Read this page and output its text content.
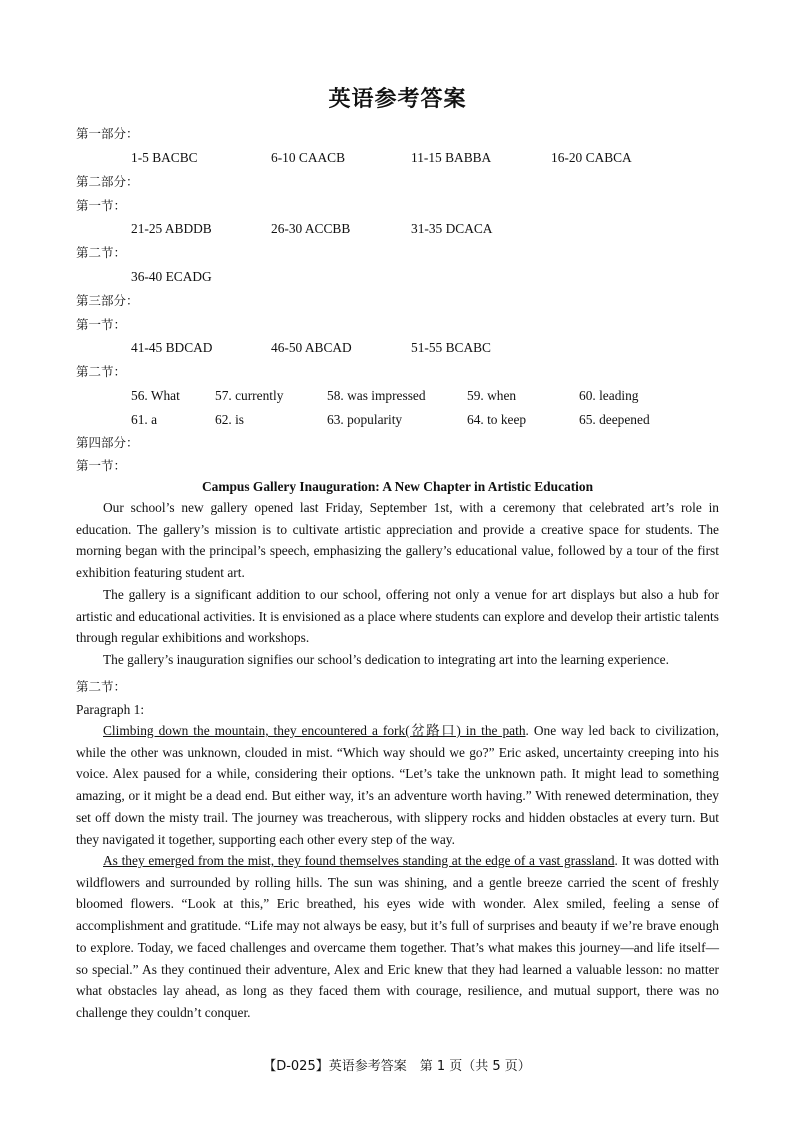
英语参考答案
第一部分：
1-5 BACBC	6-10 CAACB	11-15 BABBA	16-20 CABCA
第二部分：
第一节：
21-25 ABDDB	26-30 ACCBB	31-35 DCACA
第二节：
36-40 ECADG
第三部分：
第一节：
41-45 BDCAD	46-50 ABCAD	51-55 BCABC
第二节：
56. What	57. currently	58. was impressed	59. when	60. leading
61. a	62. is	63. popularity	64. to keep	65. deepened
第四部分：
第一节：
Campus Gallery Inauguration: A New Chapter in Artistic Education

Our school’s new gallery opened last Friday, September 1st, with a ceremony that celebrated art’s role in education. The gallery’s mission is to cultivate artistic appreciation and provide a creative space for students. The morning began with the principal’s speech, emphasizing the gallery’s educational value, followed by a tour of the first exhibition featuring student art.

The gallery is a significant addition to our school, offering not only a venue for art displays but also a hub for artistic and educational activities. It is envisioned as a place where students can explore and develop their artistic talents through regular exhibitions and workshops.

The gallery’s inauguration signifies our school’s dedication to integrating art into the learning experience.

第二节：
Paragraph 1:

Climbing down the mountain, they encountered a fork(岔路口) in the path. One way led back to civilization, while the other was unknown, clouded in mist. “Which way should we go?” Eric asked, uncertainty creeping into his voice. Alex paused for a while, considering their options. “Let’s take the unknown path. It might lead to something amazing, or it might be a dead end. But either way, it’s an adventure worth having.” With renewed determination, they set off down the misty trail. The journey was treacherous, with slippery rocks and hidden obstacles at every turn. But they navigated it together, supporting each other every step of the way.

As they emerged from the mist, they found themselves standing at the edge of a vast grassland. It was dotted with wildflowers and surrounded by rolling hills. The sun was shining, and a gentle breeze carried the scent of freshly bloomed flowers. “Look at this,” Eric breathed, his eyes wide with wonder. Alex smiled, feeling a sense of accomplishment and gratitude. “Life may not always be easy, but it’s full of surprises and beauty if we’re brave enough to explore. Today, we faced challenges and overcame them together. That’s what makes this journey—and life itself—so special.” As they continued their adventure, Alex and Eric knew that they had learned a valuable lesson: no matter what obstacles lay ahead, as long as they faced them with courage, resilience, and mutual support, there was no challenge they couldn’t conquer.

【D-025】英语参考答案　第 1 页（共 5 页）
